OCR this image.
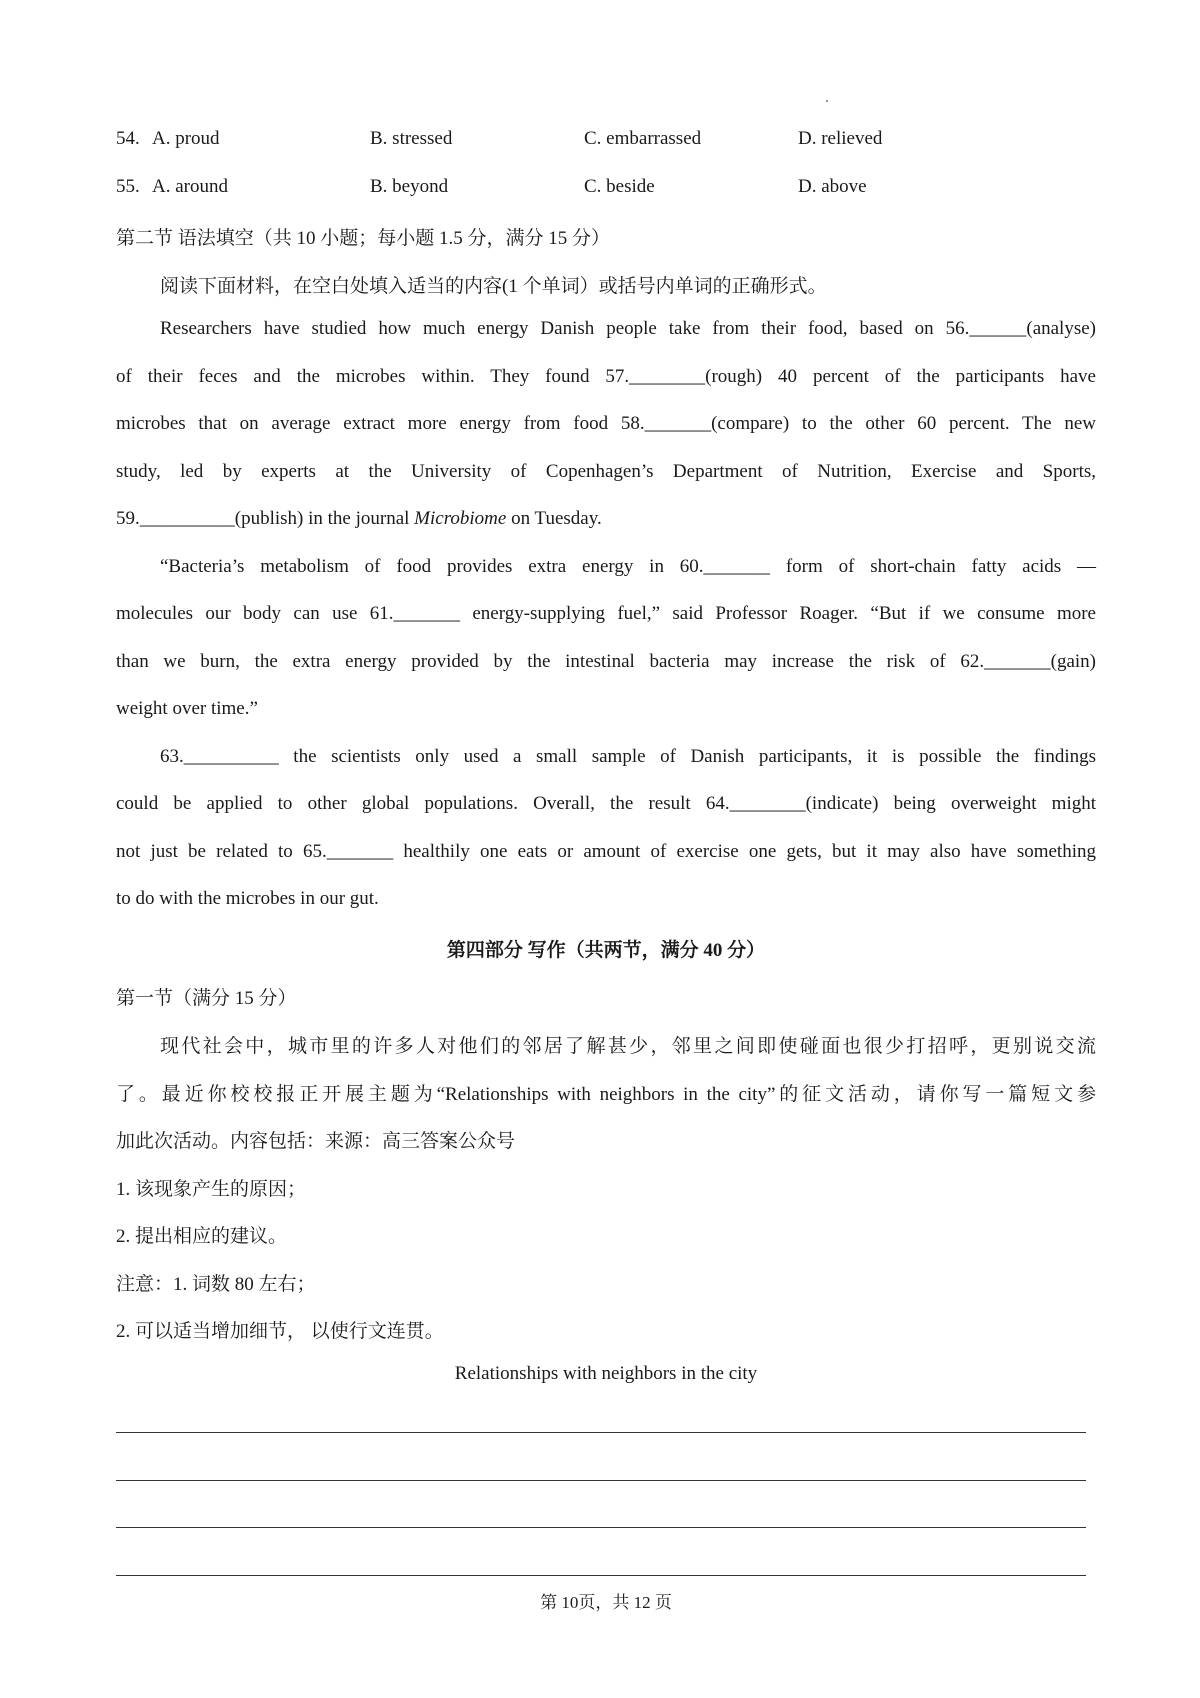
54. A. proud	B. stressed	C. embarrassed	D. relieved
55. A. around	B. beyond	C. beside	D. above
第二节 语法填空（共 10 小题；每小题 1.5 分，满分 15 分）
阅读下面材料，在空白处填入适当的内容(1 个单词）或括号内单词的正确形式。
Researchers have studied how much energy Danish people take from their food, based on 56.______(analyse)
of their feces and the microbes within. They found 57.________(rough) 40 percent of the participants have
microbes that on average extract more energy from food 58._______(compare) to the other 60 percent. The new
study, led by experts at the University of Copenhagen’s Department of Nutrition, Exercise and Sports,
59.__________(publish) in the journal Microbiome on Tuesday.
“Bacteria’s metabolism of food provides extra energy in 60._______ form of short-chain fatty acids —
molecules our body can use 61._______ energy-supplying fuel,” said Professor Roager. “But if we consume more
than we burn, the extra energy provided by the intestinal bacteria may increase the risk of 62._______(gain)
weight over time.”
63.__________ the scientists only used a small sample of Danish participants, it is possible the findings
could be applied to other global populations. Overall, the result 64.________(indicate) being overweight might
not just be related to 65._______ healthily one eats or amount of exercise one gets, but it may also have something
to do with the microbes in our gut.
第四部分 写作（共两节，满分 40 分）
第一节（满分 15 分）
现代社会中，城市里的许多人对他们的邻居了解甚少，邻里之间即使碰面也很少打招呼，更别说交流
了。最近你校校报正开展主题为“Relationships with neighbors in the city”的征文活动，请你写一篇短文参
加此次活动。内容包括：来源：高三答案公众号
1. 该现象产生的原因；
2. 提出相应的建议。
注意：1. 词数 80 左右；
2. 可以适当增加细节， 以使行文连贯。
Relationships with neighbors in the city
第 10页，共 12 页
